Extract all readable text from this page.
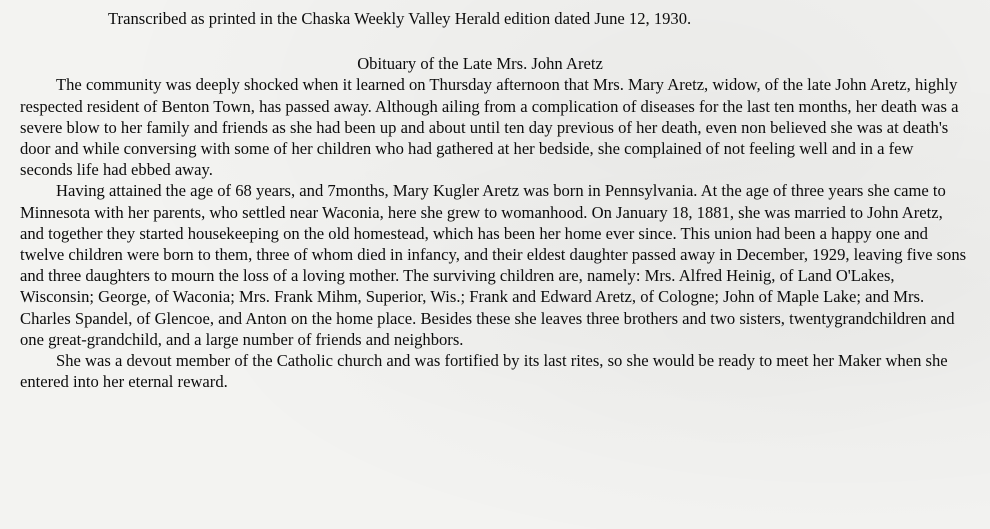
Transcribed as printed in the Chaska Weekly Valley Herald edition dated June 12, 1930.

Obituary of the Late Mrs. John Aretz

The community was deeply shocked when it learned on Thursday afternoon that Mrs. Mary Aretz, widow, of the late John Aretz, highly respected resident of Benton Town, has passed away. Although ailing from a complication of diseases for the last ten months, her death was a severe blow to her family and friends as she had been up and about until ten day previous of her death, even non believed she was at death's door and while conversing with some of her children who had gathered at her bedside, she complained of not feeling well and in a few seconds life had ebbed away.

Having attained the age of 68 years, and 7months, Mary Kugler Aretz was born in Pennsylvania. At the age of three years she came to Minnesota with her parents, who settled near Waconia, here she grew to womanhood. On January 18, 1881, she was married to John Aretz, and together they started housekeeping on the old homestead, which has been her home ever since. This union had been a happy one and twelve children were born to them, three of whom died in infancy, and their eldest daughter passed away in December, 1929, leaving five sons and three daughters to mourn the loss of a loving mother. The surviving children are, namely: Mrs. Alfred Heinig, of Land O'Lakes, Wisconsin; George, of Waconia; Mrs. Frank Mihm, Superior, Wis.; Frank and Edward Aretz, of Cologne; John of Maple Lake; and Mrs. Charles Spandel, of Glencoe, and Anton on the home place. Besides these she leaves three brothers and two sisters, twentygrandchildren and one great-grandchild, and a large number of friends and neighbors.

She was a devout member of the Catholic church and was fortified by its last rites, so she would be ready to meet her Maker when she entered into her eternal reward.
